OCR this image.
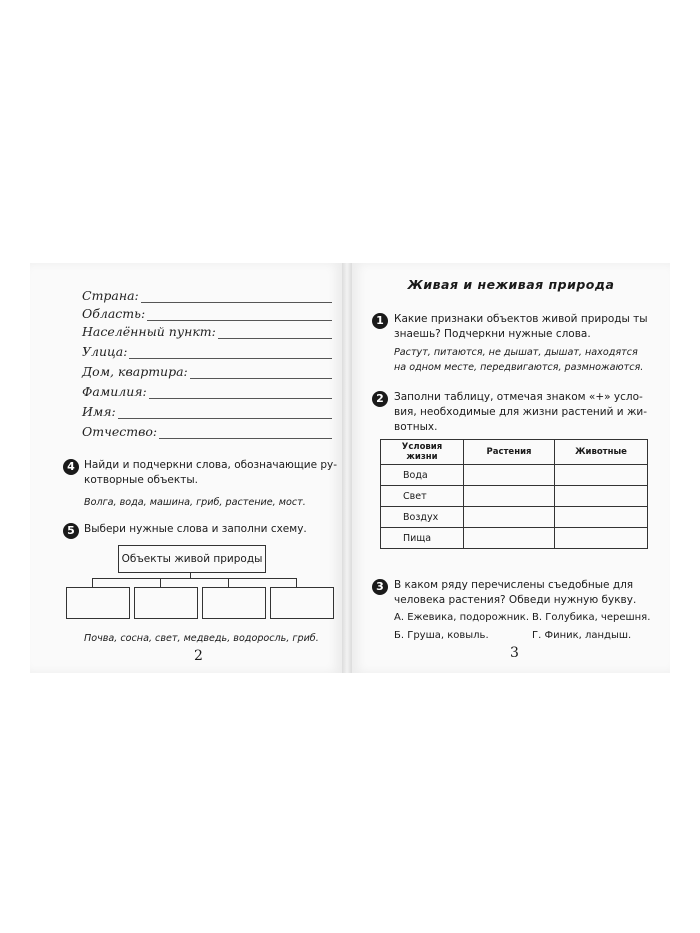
Страна:
Область:
Населённый пункт:
Улица:
Дом, квартира:
Фамилия:
Имя:
Отчество:
4 Найди и подчеркни слова, обозначающие ру-
котворные объекты.
Волга, вода, машина, гриб, растение, мост.
5 Выбери нужные слова и заполни схему.
Объекты живой природы
Почва, сосна, свет, медведь, водоросль, гриб.
2
Живая и неживая природа
1 Какие признаки объектов живой природы ты
знаешь? Подчеркни нужные слова.
Растут, питаются, не дышат, дышат, находятся
на одном месте, передвигаются, размножаются.
2 Заполни таблицу, отмечая знаком «+» усло-
вия, необходимые для жизни растений и жи-
вотных.
Условия
жизни	Растения	Животные
Вода		
Свет		
Воздух		
Пища		
3 В каком ряду перечислены съедобные для
человека растения? Обведи нужную букву.
А. Ежевика, подорожник. В. Голубика, черешня.
Б. Груша, ковыль.	Г. Финик, ландыш.
3
